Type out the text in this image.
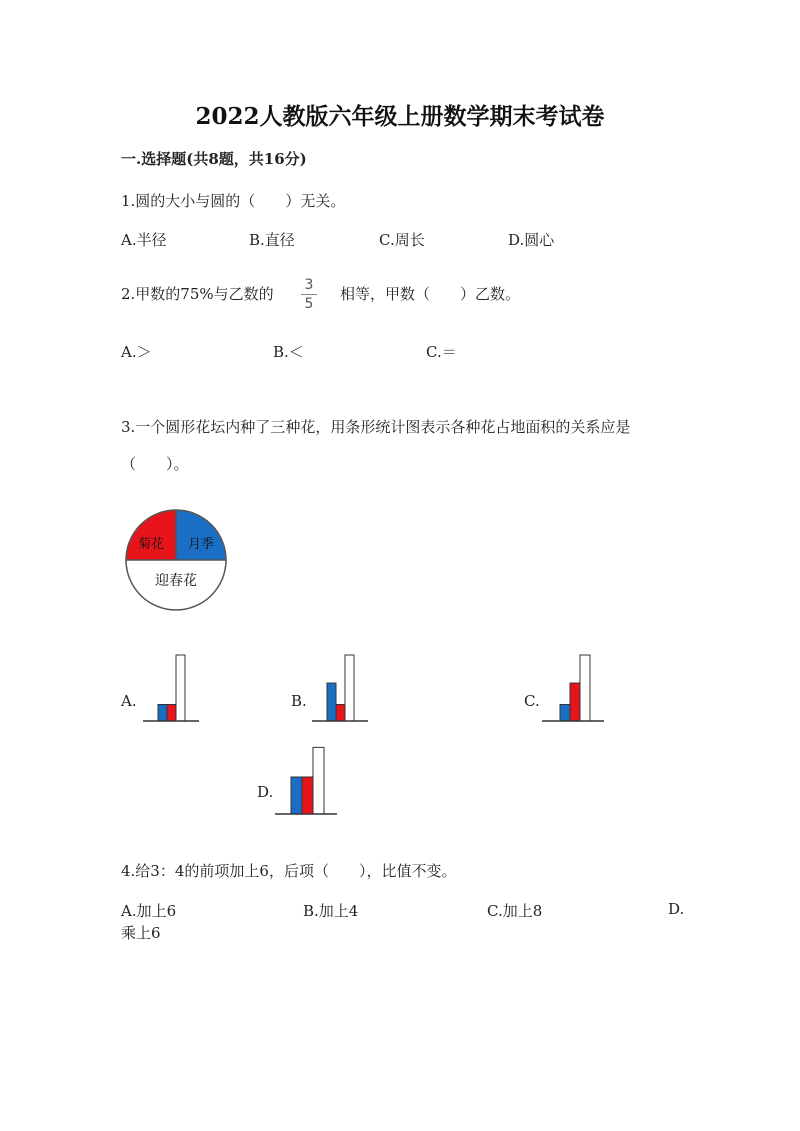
2022人教版六年级上册数学期末考试卷
一.选择题(共8题，共16分)
1.圆的大小与圆的（　　）无关。
A.半径	B.直径	C.周长	D.圆心
2.甲数的75%与乙数的	3
5
相等，甲数（　　）乙数。
A.＞	B.＜	C.＝
3.一个圆形花坛内种了三种花，用条形统计图表示各种花占地面积的关系应是
（　　）。
菊花 月季
迎春花
A.	B.	C.
D.
4.给3：4的前项加上6，后项（　　），比值不变。
A.加上6	B.加上4	C.加上8	D.
乘上6
